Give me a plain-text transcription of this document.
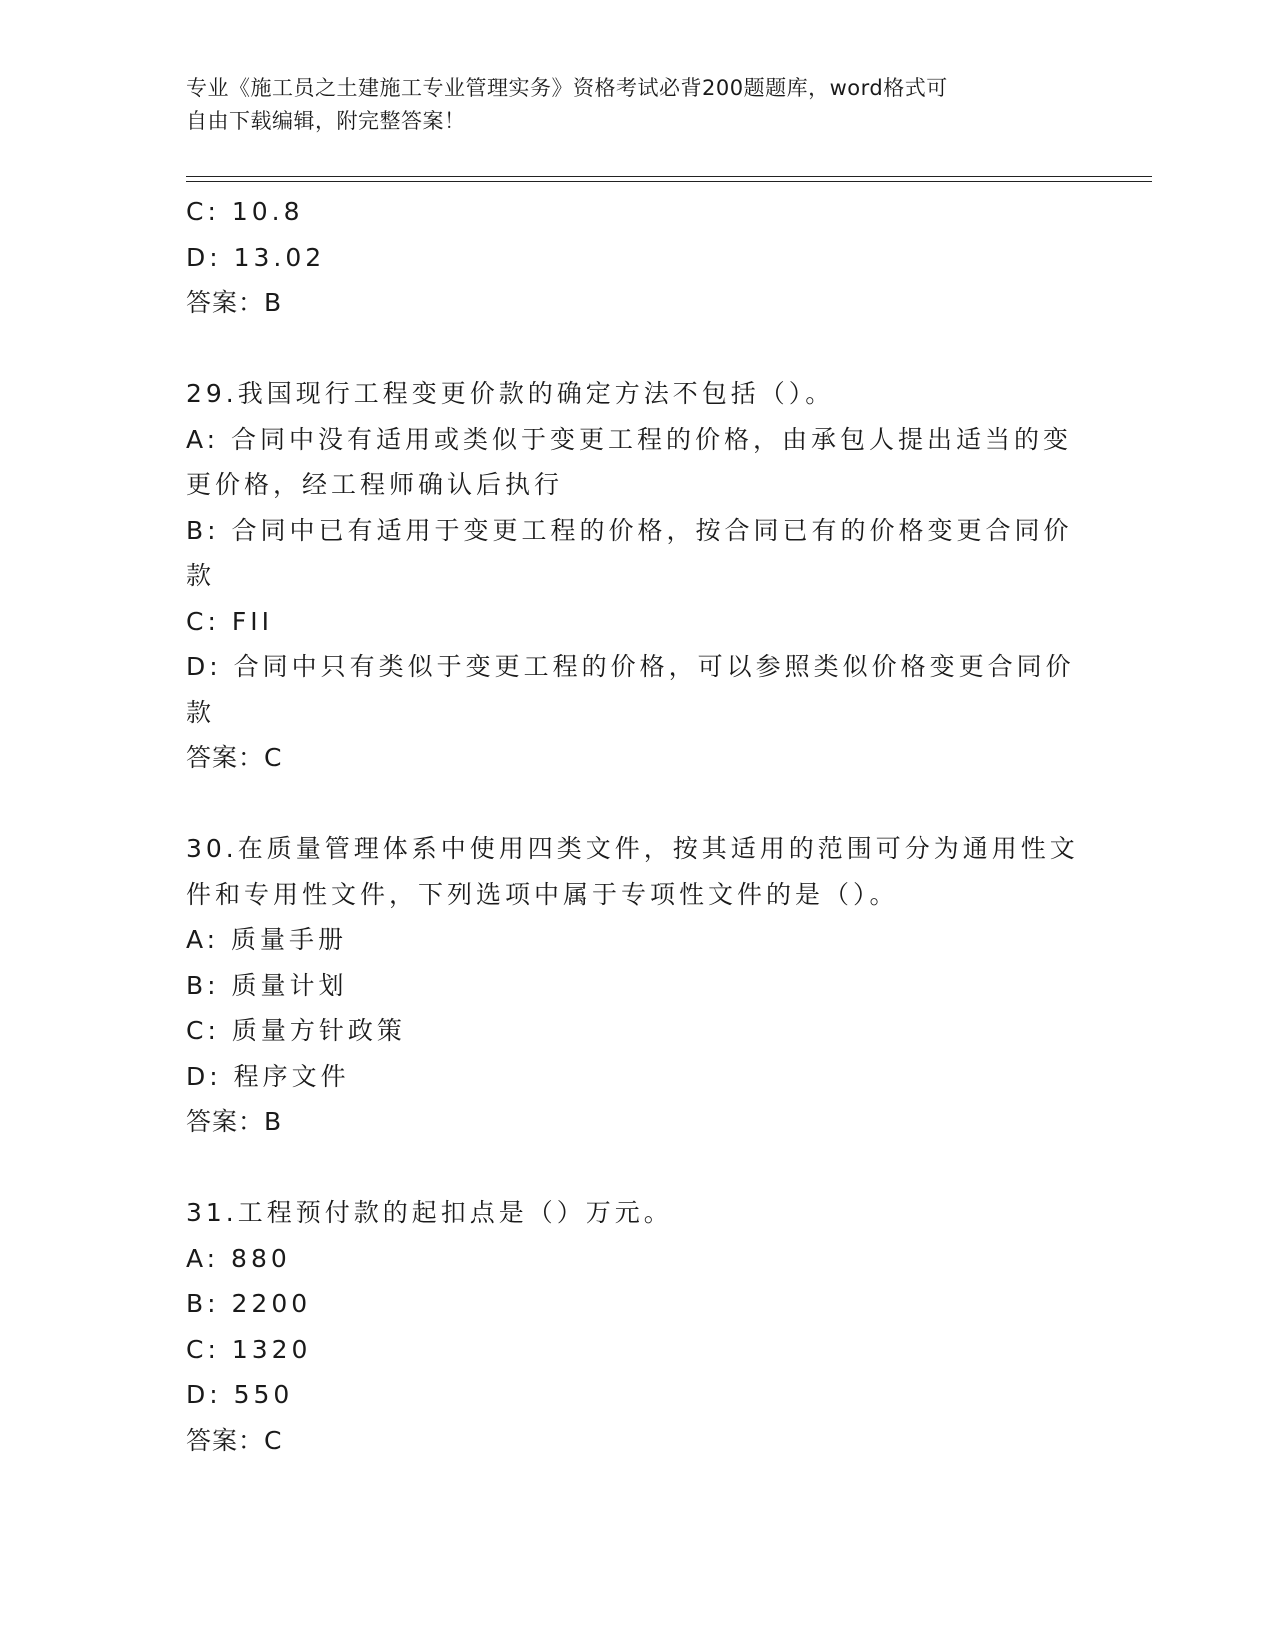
专业《施工员之土建施工专业管理实务》资格考试必背200题题库，word格式可
自由下载编辑，附完整答案！
C: 10.8
D: 13.02
答案：B
29.我国现行工程变更价款的确定方法不包括（）。
A: 合同中没有适用或类似于变更工程的价格，由承包人提出适当的变
更价格，经工程师确认后执行
B: 合同中已有适用于变更工程的价格，按合同已有的价格变更合同价
款
C: FII
D: 合同中只有类似于变更工程的价格，可以参照类似价格变更合同价
款
答案：C
30.在质量管理体系中使用四类文件，按其适用的范围可分为通用性文
件和专用性文件，下列选项中属于专项性文件的是（）。
A: 质量手册
B: 质量计划
C: 质量方针政策
D: 程序文件
答案：B
31.工程预付款的起扣点是（）万元。
A: 880
B: 2200
C: 1320
D: 550
答案：C
